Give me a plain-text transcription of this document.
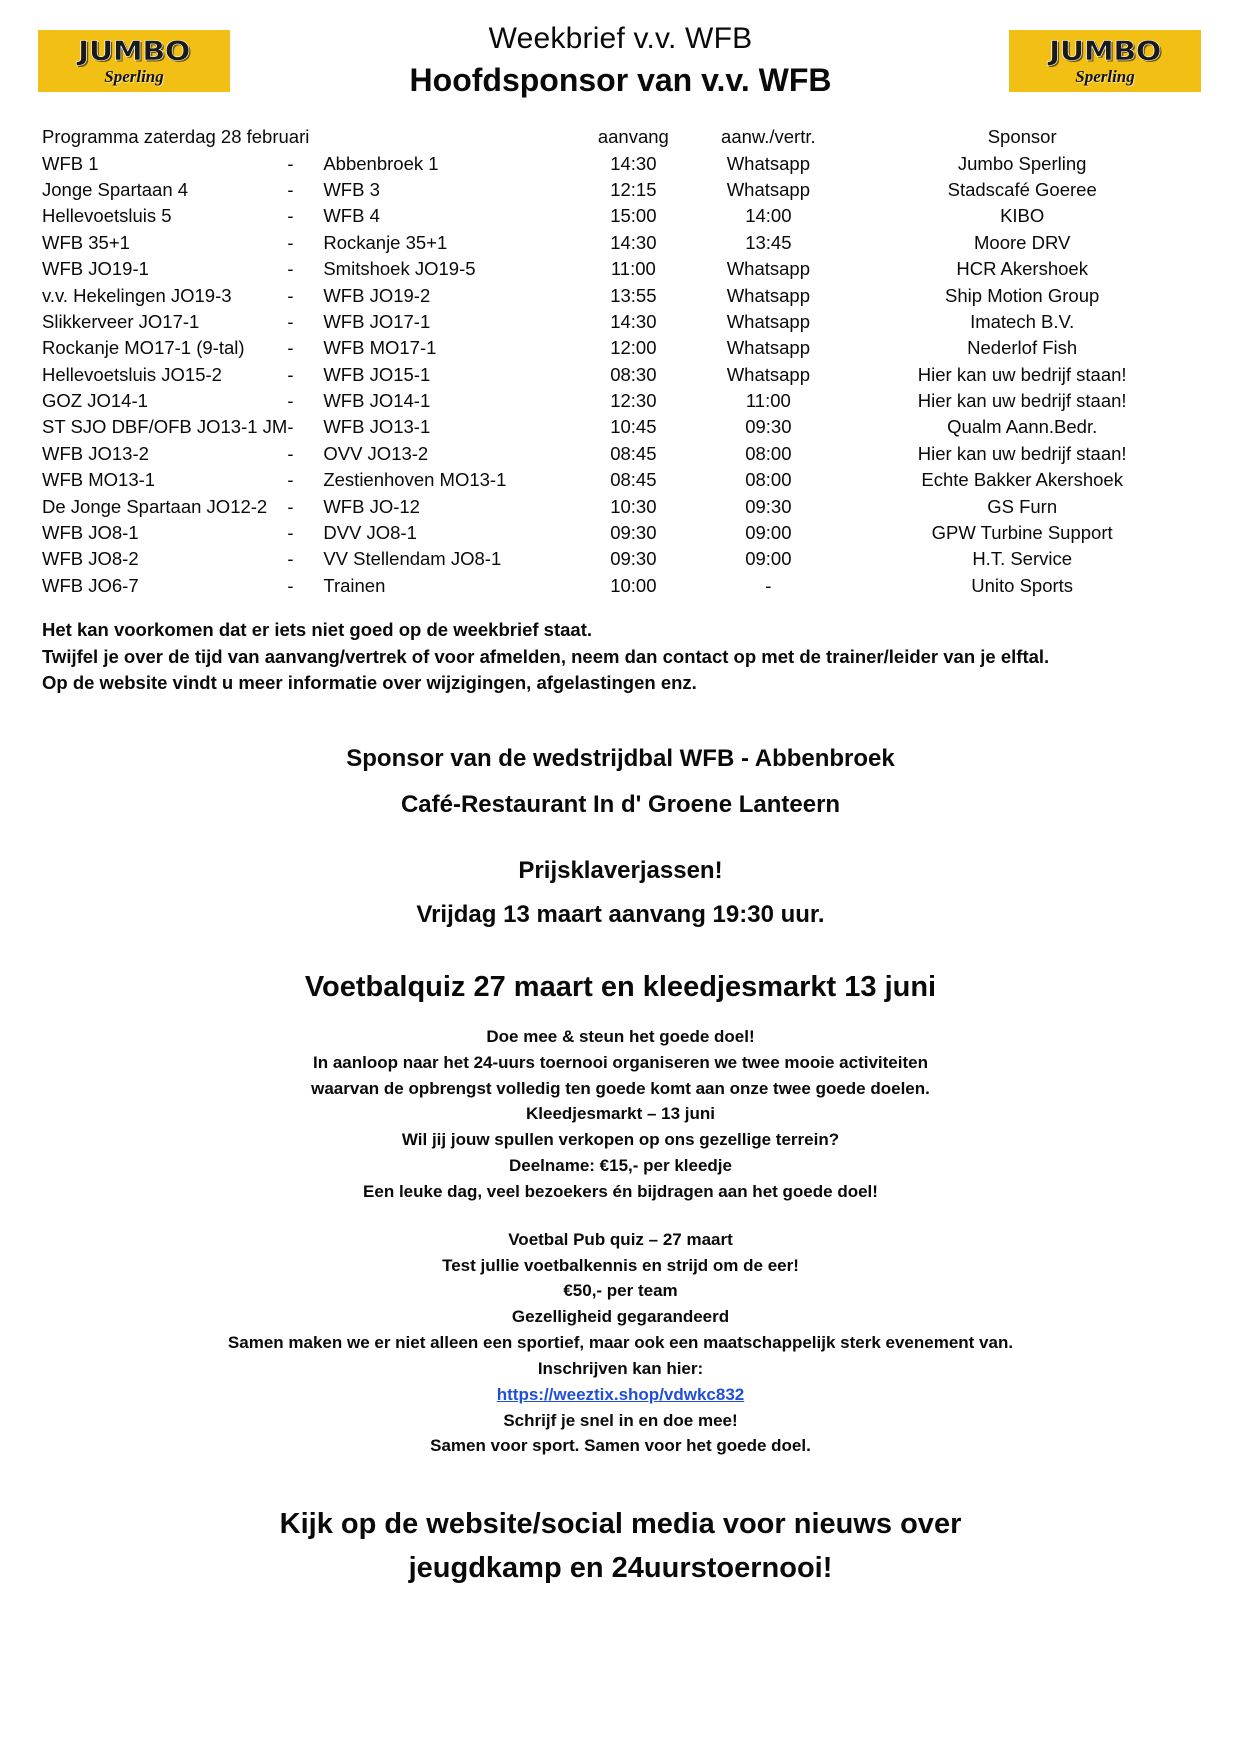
JUMBO
Sperling
Weekbrief v.v. WFB
Hoofdsponsor van v.v. WFB
JUMBO
Sperling
Programma zaterdag 28 februari			aanvang	aanw./vertr.	Sponsor
WFB 1	-	Abbenbroek 1	14:30	Whatsapp	Jumbo Sperling
Jonge Spartaan 4	-	WFB 3	12:15	Whatsapp	Stadscafé Goeree
Hellevoetsluis 5	-	WFB 4	15:00	14:00	KIBO
WFB 35+1	-	Rockanje 35+1	14:30	13:45	Moore DRV
WFB JO19-1	-	Smitshoek JO19-5	11:00	Whatsapp	HCR Akershoek
v.v. Hekelingen JO19-3	-	WFB JO19-2	13:55	Whatsapp	Ship Motion Group
Slikkerveer JO17-1	-	WFB JO17-1	14:30	Whatsapp	Imatech B.V.
Rockanje MO17-1 (9-tal)	-	WFB MO17-1	12:00	Whatsapp	Nederlof Fish
Hellevoetsluis JO15-2	-	WFB JO15-1	08:30	Whatsapp	Hier kan uw bedrijf staan!
GOZ JO14-1	-	WFB JO14-1	12:30	11:00	Hier kan uw bedrijf staan!
ST SJO DBF/OFB JO13-1 JM	-	WFB JO13-1	10:45	09:30	Qualm Aann.Bedr.
WFB JO13-2	-	OVV JO13-2	08:45	08:00	Hier kan uw bedrijf staan!
WFB MO13-1	-	Zestienhoven MO13-1	08:45	08:00	Echte Bakker Akershoek
De Jonge Spartaan JO12-2	-	WFB JO-12	10:30	09:30	GS Furn
WFB JO8-1	-	DVV JO8-1	09:30	09:00	GPW Turbine Support
WFB JO8-2	-	VV Stellendam JO8-1	09:30	09:00	H.T. Service
WFB JO6-7	-	Trainen	10:00	-	Unito Sports
Het kan voorkomen dat er iets niet goed op de weekbrief staat.
Twijfel je over de tijd van aanvang/vertrek of voor afmelden, neem dan contact op met de trainer/leider van je elftal.
Op de website vindt u meer informatie over wijzigingen, afgelastingen enz.
Sponsor van de wedstrijdbal WFB - Abbenbroek
Café-Restaurant In d' Groene Lanteern
Prijsklaverjassen!
Vrijdag 13 maart aanvang 19:30 uur.
Voetbalquiz 27 maart en kleedjesmarkt 13 juni
Doe mee & steun het goede doel!
In aanloop naar het 24-uurs toernooi organiseren we twee mooie activiteiten
waarvan de opbrengst volledig ten goede komt aan onze twee goede doelen.
Kleedjesmarkt – 13 juni
Wil jij jouw spullen verkopen op ons gezellige terrein?
Deelname: €15,- per kleedje
Een leuke dag, veel bezoekers én bijdragen aan het goede doel!
Voetbal Pub quiz – 27 maart
Test jullie voetbalkennis en strijd om de eer!
€50,- per team
Gezelligheid gegarandeerd
Samen maken we er niet alleen een sportief, maar ook een maatschappelijk sterk evenement van.
Inschrijven kan hier:
https://weeztix.shop/vdwkc832
Schrijf je snel in en doe mee!
Samen voor sport. Samen voor het goede doel.
Kijk op de website/social media voor nieuws over
jeugdkamp en 24uurstoernooi!
